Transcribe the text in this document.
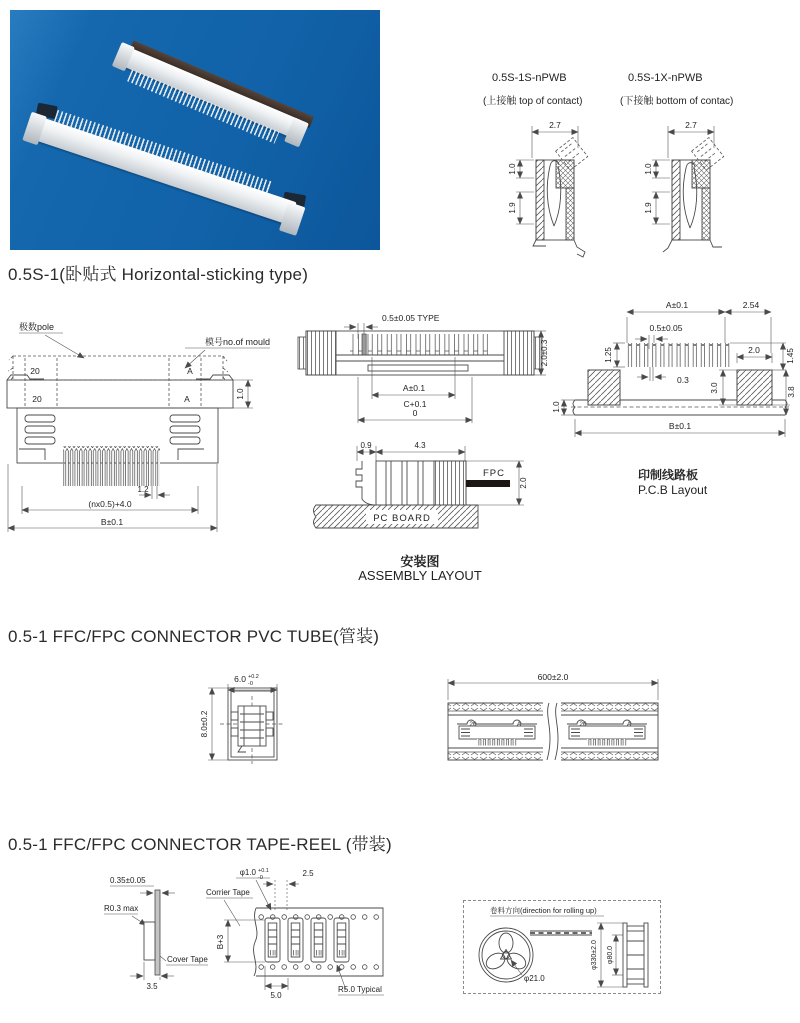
0.5S-1S-nPWB
(上接触 top of contact)
0.5S-1X-nPWB
(下接触 bottom of contac)
2.7
1.0
1.9
2.7
1.0
1.9
0.5S-1(卧贴式 Horizontal-sticking type)
极数pole
模号no.of mould
20	A
20	A	1.0
1.2
(nx0.5)+4.0
B±0.1
0.5±0.05 TYPE
A±0.1
C+0.1
0
2.0±0.3
A±0.1	2.54
0.5±0.05
1.25	2.0	1.45
0.3
3.0	3.8
1.0
B±0.1
印制线路板
P.C.B Layout
0.9	4.3
FPC
2.0
PC BOARD
安装图
ASSEMBLY LAYOUT
0.5-1 FFC/FPC CONNECTOR PVC TUBE(管装)
6.0 +0.2
-0
8.0±0.2
600±2.0
20	A	20	A
0.5-1 FFC/FPC CONNECTOR TAPE-REEL (带装)
0.35±0.05
R0.3 max
Cover Tape
3.5
φ1.0 +0.1
-0	2.5
Corrier Tape
B+3
5.0
R5.0 Typical
卷料方向(direction for rolling up)
φ21.0
φ330±2.0 φ80.0
